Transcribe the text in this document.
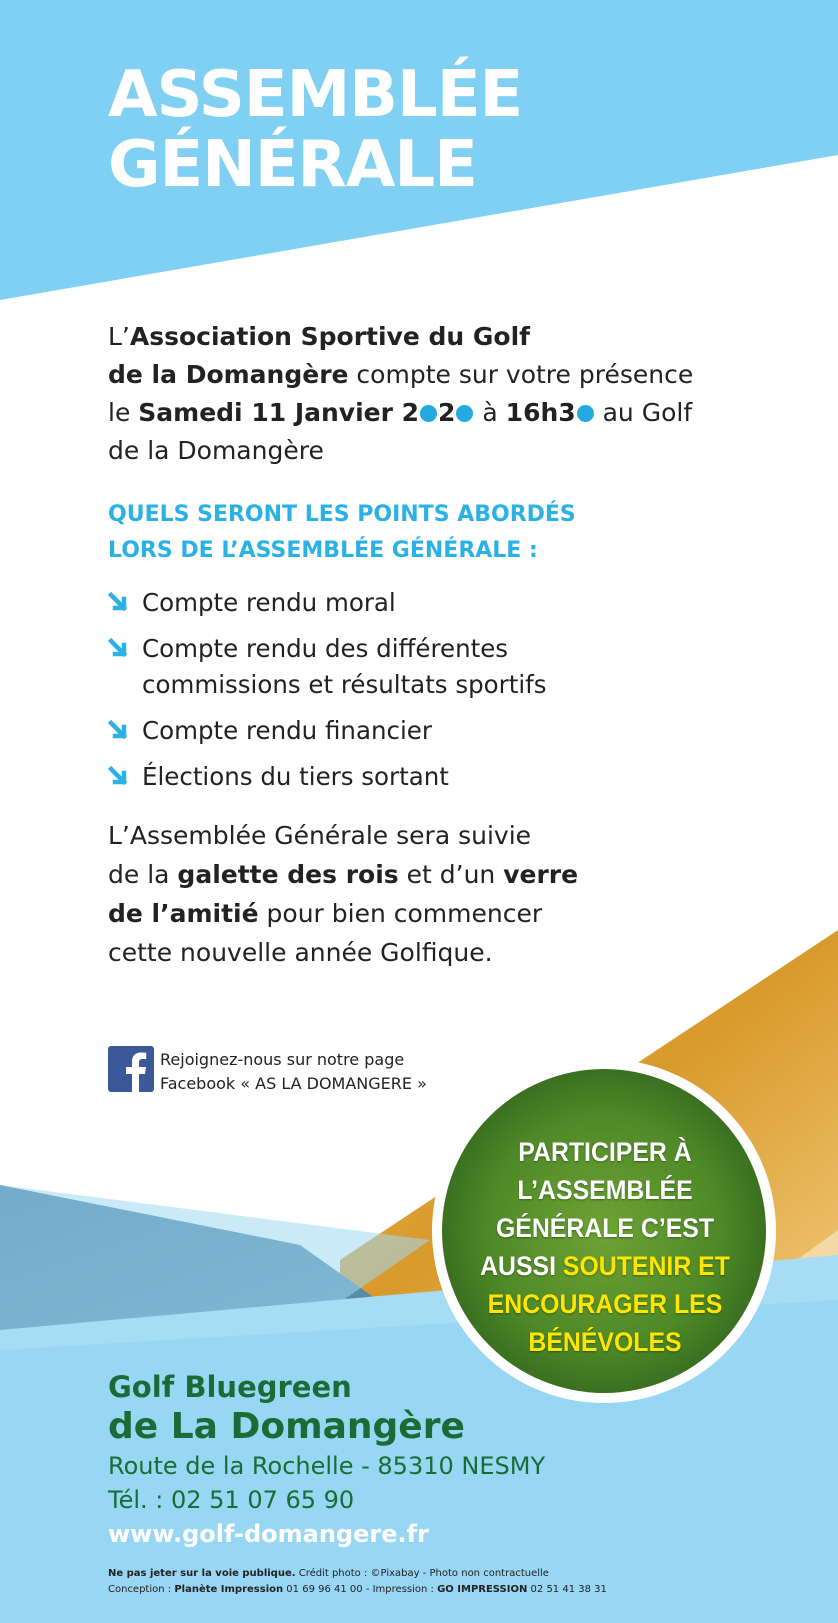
ASSEMBLÉE
GÉNÉRALE
L’Association Sportive du Golf
de la Domangère compte sur votre présence
le Samedi 11 Janvier 2 2 à 16h3 au Golf
de la Domangère
QUELS SERONT LES POINTS ABORDÉS
LORS DE L’ASSEMBLÉE GÉNÉRALE :
Compte rendu moral
Compte rendu des différentes commissions et résultats sportifs
Compte rendu financier
Élections du tiers sortant
L’Assemblée Générale sera suivie
de la galette des rois et d’un verre
de l’amitié pour bien commencer
cette nouvelle année Golfique.
Rejoignez-nous sur notre page
Facebook « AS LA DOMANGERE »
PARTICIPER À
L’ASSEMBLÉE
GÉNÉRALE C’EST
AUSSI SOUTENIR ET
ENCOURAGER LES
BÉNÉVOLES
Golf Bluegreen
de La Domangère
Route de la Rochelle - 85310 NESMY
Tél. : 02 51 07 65 90
www.golf-domangere.fr
Ne pas jeter sur la voie publique. Crédit photo : ©Pixabay - Photo non contractuelle
Conception : Planète Impression 01 69 96 41 00 - Impression : GO IMPRESSION 02 51 41 38 31
